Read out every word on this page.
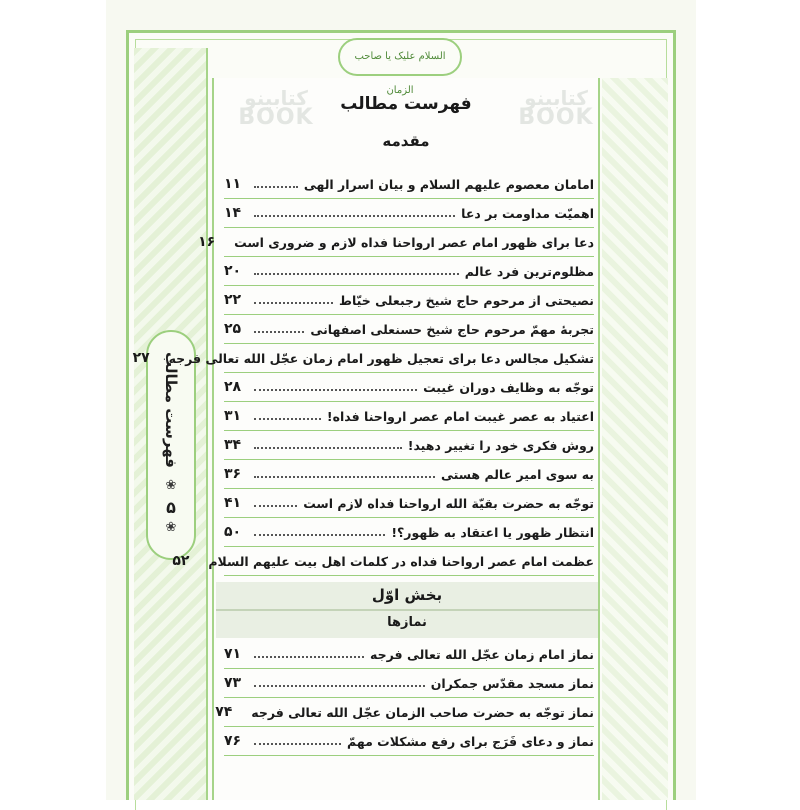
فهرست مطالب
❀
۵
❀
السلام علیک یا صاحب الزمان
کتابینو
BOOK
کتابینو
BOOK
فهرست مطالب
مقدمه
امامان معصوم علیهم السلام و بیان اسرار الهی
۱۱
اهمیّت مداومت بر دعا
۱۴
دعا برای ظهور امام عصر ارواحنا فداه لازم و ضروری است
۱۶
مظلوم‌ترین فرد عالم
۲۰
نصیحتی از مرحوم حاج شیخ رجبعلی خیّاط
۲۲
تجربهٔ مهمّ مرحوم حاج شیخ حسنعلی اصفهانی
۲۵
تشکیل مجالس دعا برای تعجیل ظهور امام زمان عجّل الله تعالی فرجه
۲۷
توجّه به وظایف دوران غیبت
۲۸
اعتیاد به عصر غیبت امام عصر ارواحنا فداه!
۳۱
روش فکری خود را تغییر دهید!
۳۴
به سوی امیر عالم هستی
۳۶
توجّه به حضرت بقیّة الله ارواحنا فداه لازم است
۴۱
انتظار ظهور یا اعتقاد به ظهور؟!
۵۰
عظمت امام عصر ارواحنا فداه در کلمات اهل بیت علیهم السلام
۵۲
بخش اوّل
نمازها
نماز امام زمان عجّل الله تعالی فرجه
۷۱
نماز مسجد مقدّس جمکران
۷۳
نماز توجّه به حضرت صاحب الزمان عجّل الله تعالی فرجه
۷۴
نماز و دعای فَرَج برای رفع مشکلات مهمّ
۷۶
